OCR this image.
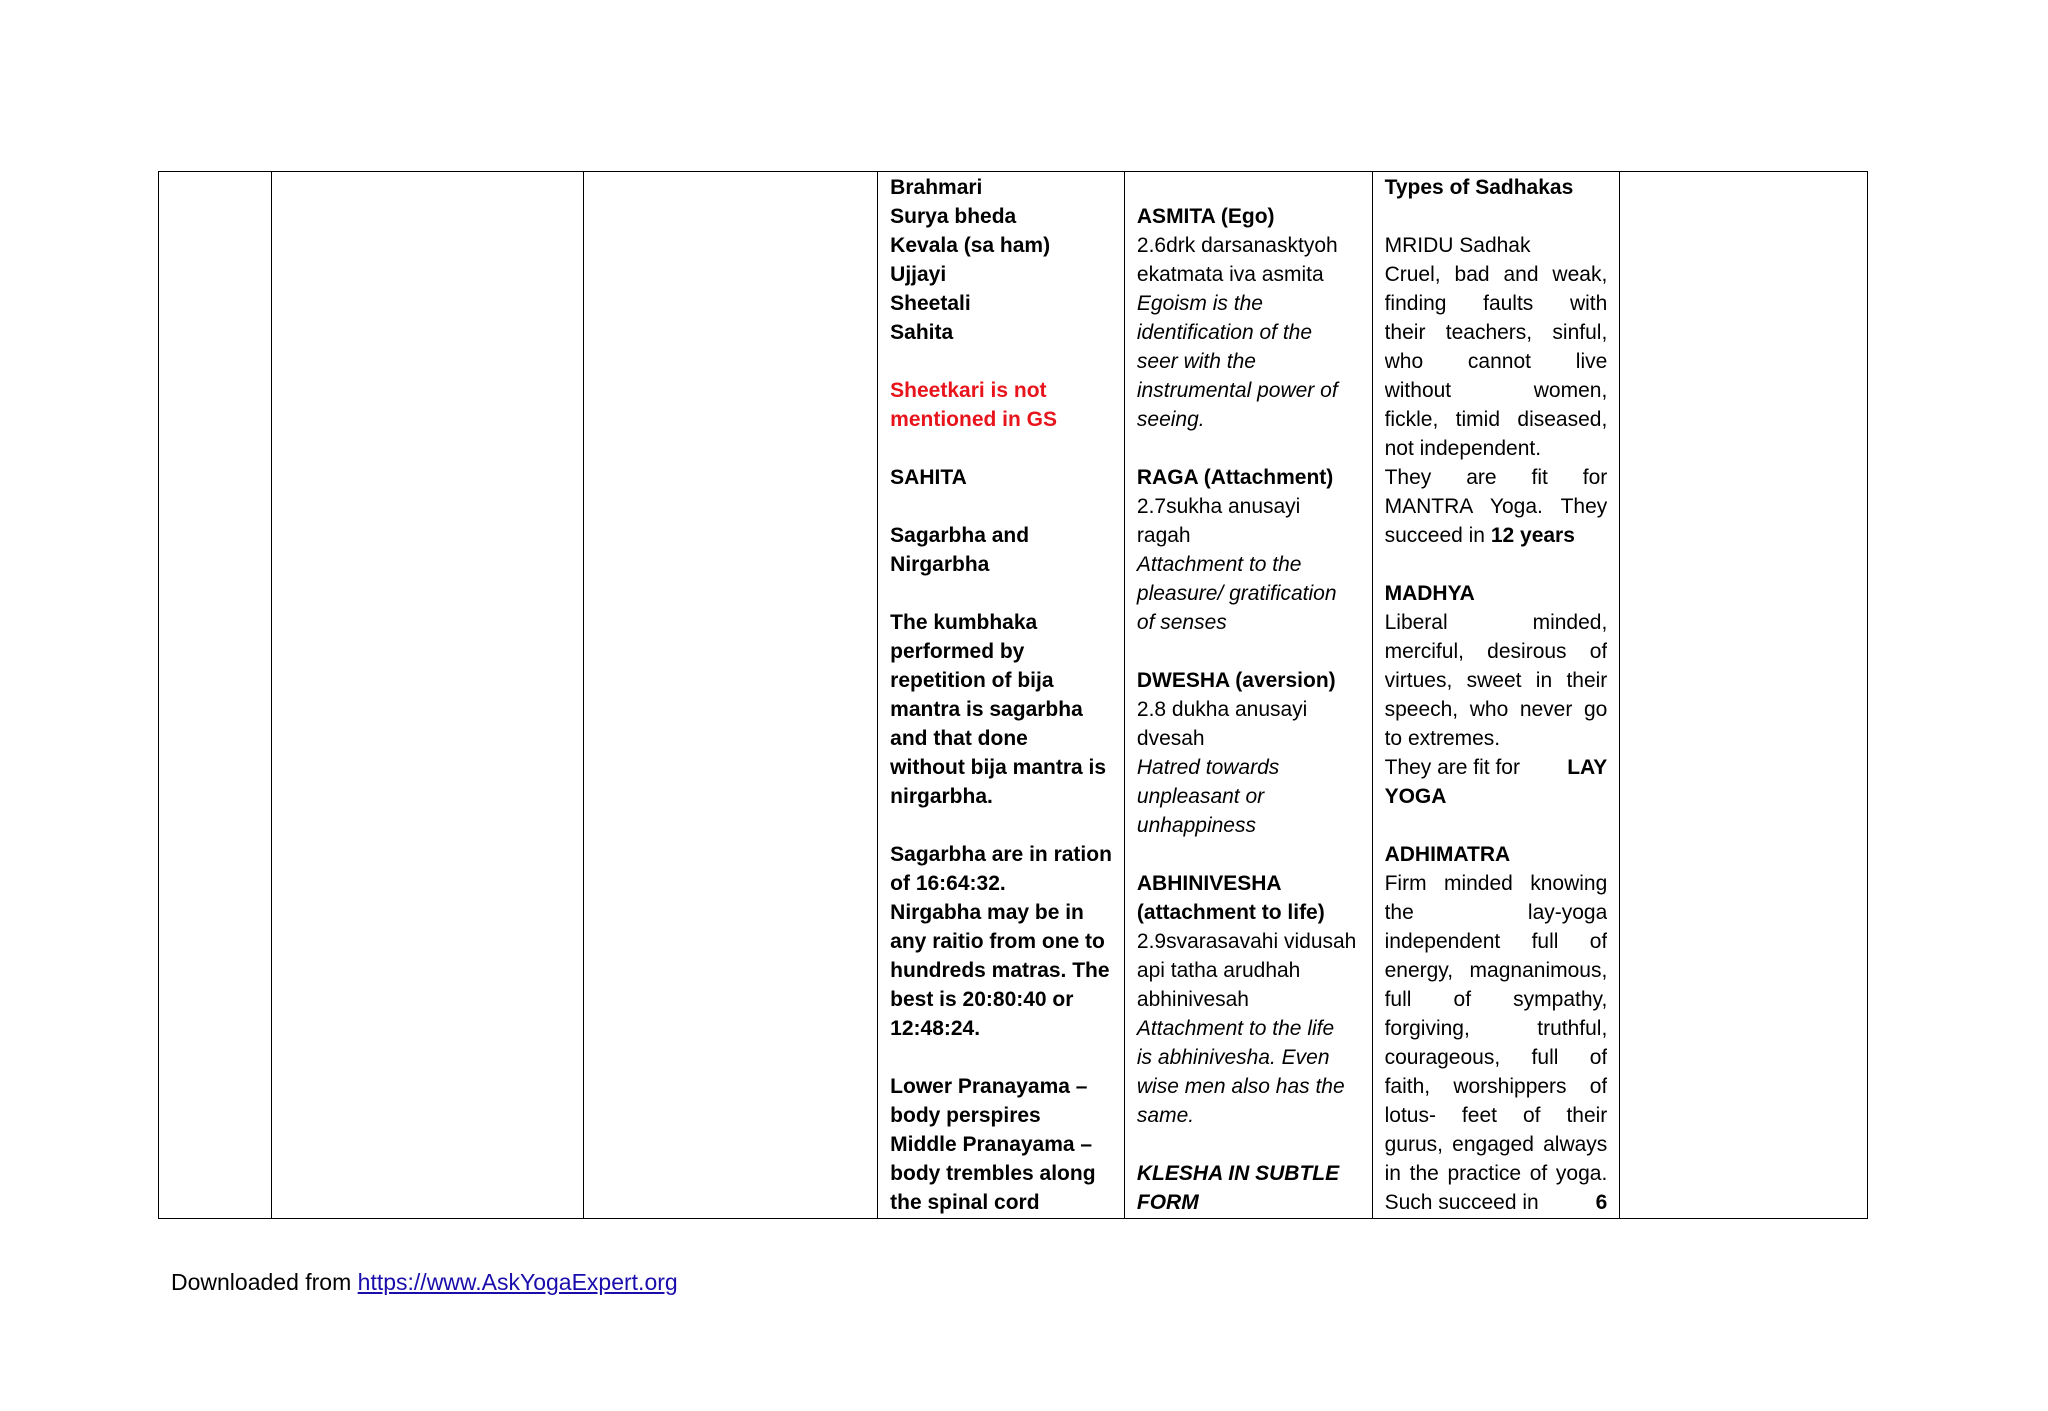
Brahmari
Surya bheda
Kevala (sa ham)
Ujjayi
Sheetali
Sahita
Sheetkari is not
mentioned in GS
SAHITA
Sagarbha and
Nirgarbha
The kumbhaka
performed by
repetition of bija
mantra is sagarbha
and that done
without bija mantra is
nirgarbha.
Sagarbha are in ration
of 16:64:32.
Nirgabha may be in
any raitio from one to
hundreds matras. The
best is 20:80:40 or
12:48:24.
Lower Pranayama –
body perspires
Middle Pranayama –
body trembles along
the spinal cord
ASMITA (Ego)
2.6drk darsanasktyoh
ekatmata iva asmita
Egoism is the
identification of the
seer with the
instrumental power of
seeing.
RAGA (Attachment)
2.7sukha anusayi
ragah
Attachment to the
pleasure/ gratification
of senses
DWESHA (aversion)
2.8 dukha anusayi
dvesah
Hatred towards
unpleasant or
unhappiness
ABHINIVESHA
(attachment to life)
2.9svarasavahi vidusah
api tatha arudhah
abhinivesah
Attachment to the life
is abhinivesha. Even
wise men also has the
same.
KLESHA IN SUBTLE
FORM
Types of Sadhakas
MRIDU Sadhak
Cruel, bad and weak,
finding faults with
their teachers, sinful,
who cannot live
without women,
fickle, timid diseased,
not independent.
They are fit for
MANTRA Yoga. They
succeed in 12 years
MADHYA
Liberal minded,
merciful, desirous of
virtues, sweet in their
speech, who never go
to extremes.
They are fit for LAY
YOGA
ADHIMATRA
Firm minded knowing
the lay-yoga
independent full of
energy, magnanimous,
full of sympathy,
forgiving, truthful,
courageous, full of
faith, worshippers of
lotus- feet of their
gurus, engaged always
in the practice of yoga.
Such succeed in	6
Downloaded from https://www.AskYogaExpert.org
